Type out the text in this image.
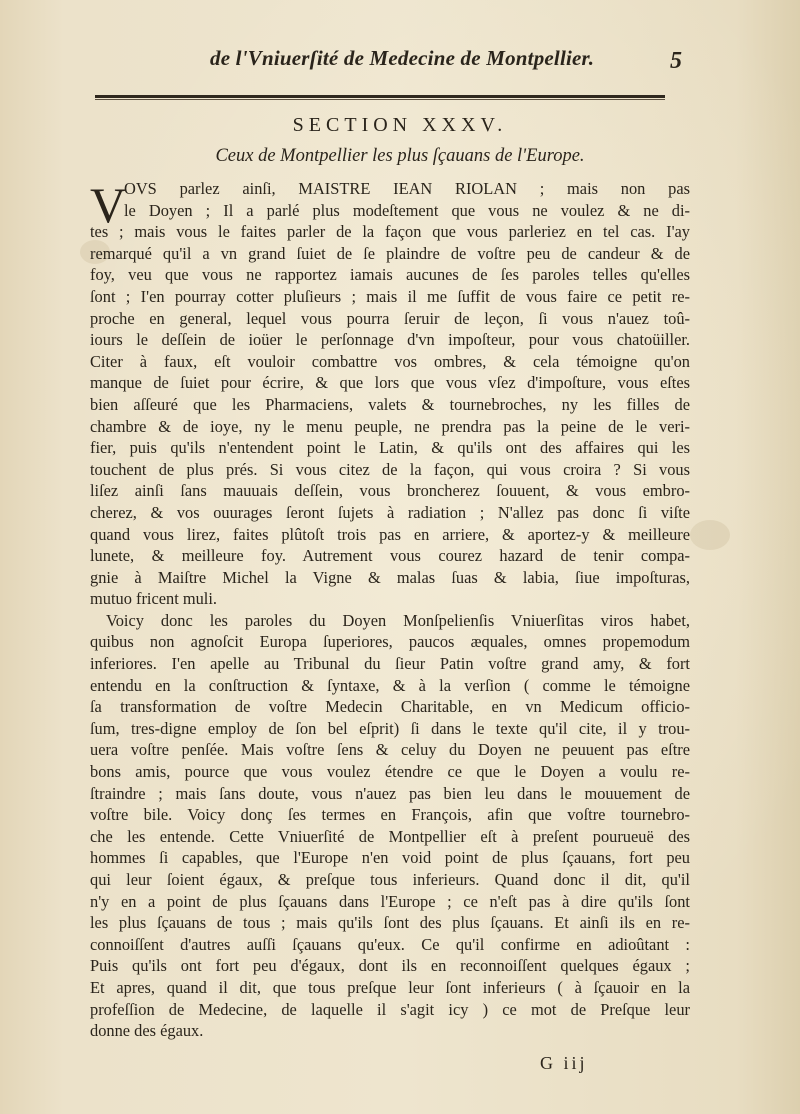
de l'Vniuerſité de Medecine de Montpellier.	5
SECTION XXXV.
Ceux de Montpellier les plus ſçauans de l'Europe.
V
OVS parlez ainſi, MAISTRE IEAN RIOLAN ; mais non pas
le Doyen ; Il a parlé plus modeſtement que vous ne voulez & ne di-
tes ; mais vous le faites parler de la façon que vous parleriez en tel cas. I'ay
remarqué qu'il a vn grand ſuiet de ſe plaindre de voſtre peu de candeur & de
foy, veu que vous ne rapportez iamais aucunes de ſes paroles telles qu'elles
ſont ; I'en pourray cotter pluſieurs ; mais il me ſuffit de vous faire ce petit re-
proche en general, lequel vous pourra ſeruir de leçon, ſi vous n'auez toû-
iours le deſſein de ioüer le perſonnage d'vn impoſteur, pour vous chatoüiller.
Citer à faux, eſt vouloir combattre vos ombres, & cela témoigne qu'on
manque de ſuiet pour écrire, & que lors que vous vſez d'impoſture, vous eſtes
bien aſſeuré que les Pharmaciens, valets & tournebroches, ny les filles de
chambre & de ioye, ny le menu peuple, ne prendra pas la peine de le veri-
fier, puis qu'ils n'entendent point le Latin, & qu'ils ont des affaires qui les
touchent de plus prés. Si vous citez de la façon, qui vous croira ? Si vous
liſez ainſi ſans mauuais deſſein, vous broncherez ſouuent, & vous embro-
cherez, & vos ouurages ſeront ſujets à radiation ; N'allez pas donc ſi viſte
quand vous lirez, faites plûtoſt trois pas en arriere, & aportez-y & meilleure
lunete, & meilleure foy. Autrement vous courez hazard de tenir compa-
gnie à Maiſtre Michel la Vigne & malas ſuas & labia, ſiue impoſturas,
mutuo fricent muli.
Voicy donc les paroles du Doyen Monſpelienſis Vniuerſitas viros habet,
quibus non agnoſcit Europa ſuperiores, paucos æquales, omnes propemodum
inferiores. I'en apelle au Tribunal du ſieur Patin voſtre grand amy, & fort
entendu en la conſtruction & ſyntaxe, & à la verſion ( comme le témoigne
ſa transformation de voſtre Medecin Charitable, en vn Medicum officio-
ſum, tres-digne employ de ſon bel eſprit) ſi dans le texte qu'il cite, il y trou-
uera voſtre penſée. Mais voſtre ſens & celuy du Doyen ne peuuent pas eſtre
bons amis, pource que vous voulez étendre ce que le Doyen a voulu re-
ſtraindre ; mais ſans doute, vous n'auez pas bien leu dans le mouuement de
voſtre bile. Voicy donç ſes termes en François, afin que voſtre tournebro-
che les entende. Cette Vniuerſité de Montpellier eſt à preſent pourueuë des
hommes ſi capables, que l'Europe n'en void point de plus ſçauans, fort peu
qui leur ſoient égaux, & preſque tous inferieurs. Quand donc il dit, qu'il
n'y en a point de plus ſçauans dans l'Europe ; ce n'eſt pas à dire qu'ils ſont
les plus ſçauans de tous ; mais qu'ils ſont des plus ſçauans. Et ainſi ils en re-
connoiſſent d'autres auſſi ſçauans qu'eux. Ce qu'il confirme en adioûtant :
Puis qu'ils ont fort peu d'égaux, dont ils en reconnoiſſent quelques égaux ;
Et apres, quand il dit, que tous preſque leur ſont inferieurs ( à ſçauoir en la
profeſſion de Medecine, de laquelle il s'agit icy ) ce mot de Preſque leur
donne des égaux.
G iij
